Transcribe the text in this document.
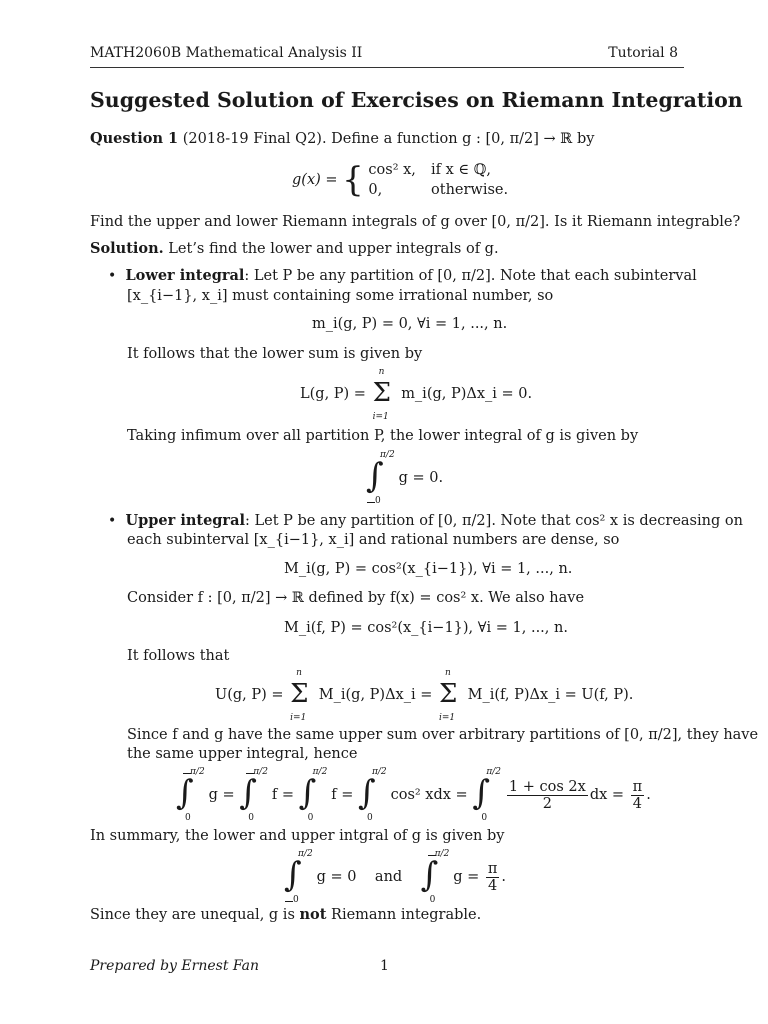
MATH2060B Mathematical Analysis II	Tutorial 8
Suggested Solution of Exercises on Riemann Integration
Question 1 (2018-19 Final Q2). Define a function g : [0, π/2] → ℝ by
g(x) = { cos² x, if x ∈ ℚ,
0,	otherwise.
Find the upper and lower Riemann integrals of g over [0, π/2]. Is it Riemann integrable?
Solution. Let’s find the lower and upper integrals of g.
• Lower integral: Let P be any partition of [0, π/2]. Note that each subinterval
[x_{i−1}, x_i] must containing some irrational number, so
m_i(g, P) = 0, ∀i = 1, ..., n.
It follows that the lower sum is given by
L(g, P) =
n
Σ
i=1
m_i(g, P)Δx_i = 0.
Taking infimum over all partition P, the lower integral of g is given by
∫
π/2
0
g = 0.
• Upper integral: Let P be any partition of [0, π/2]. Note that cos² x is decreasing on
each subinterval [x_{i−1}, x_i] and rational numbers are dense, so
M_i(g, P) = cos²(x_{i−1}), ∀i = 1, ..., n.
Consider f : [0, π/2] → ℝ defined by f(x) = cos² x. We also have
M_i(f, P) = cos²(x_{i−1}), ∀i = 1, ..., n.
It follows that
U(g, P) =
n
Σ
i=1
M_i(g, P)Δx_i =
n
Σ
i=1
M_i(f, P)Δx_i = U(f, P).
Since f and g have the same upper sum over arbitrary partitions of [0, π/2], they have
the same upper integral, hence
∫
π/2
0
g = ∫
π/2
0
f = ∫
π/2
0
f = ∫
π/2
0
cos² xdx = ∫
π/2
0

$\frac{1 + \cos 2x}{2}$ dx = $\frac{\pi}{4}$ .
In summary, the lower and upper intgral of g is given by
∫
π/2
0
g = 0 and ∫
π/2
0
$g = \frac{\pi}{4}$ .
Since they are unequal, g is not Riemann integrable.
Prepared by Ernest Fan	1
